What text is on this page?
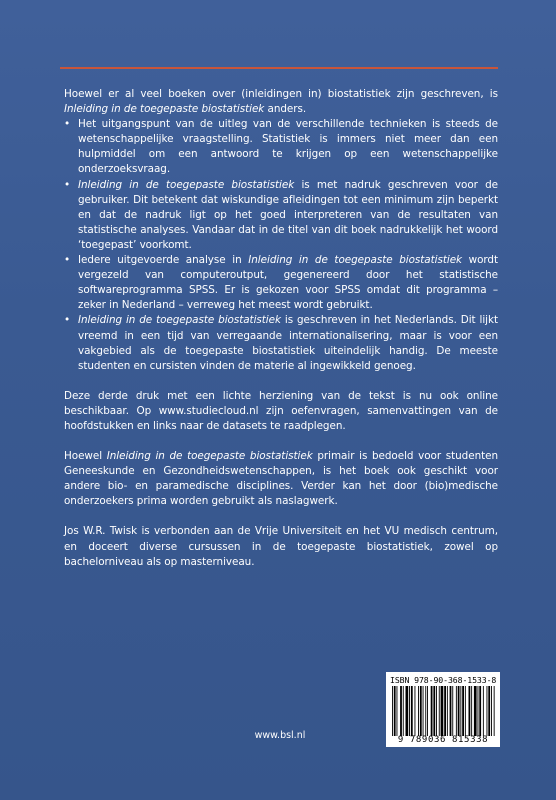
Hoewel er al veel boeken over (inleidingen in) biostatistiek zijn geschreven, is Inleiding in de toegepaste biostatistiek anders.

• Het uitgangspunt van de uitleg van de verschillende technieken is steeds de wetenschappelijke vraagstelling. Statistiek is immers niet meer dan een hulpmiddel om een antwoord te krijgen op een wetenschappelijke onderzoeksvraag.
• Inleiding in de toegepaste biostatistiek is met nadruk geschreven voor de gebruiker. Dit betekent dat wiskundige afleidingen tot een minimum zijn beperkt en dat de nadruk ligt op het goed interpreteren van de resultaten van statistische analyses. Vandaar dat in de titel van dit boek nadrukkelijk het woord ‘toegepast’ voorkomt.
• Iedere uitgevoerde analyse in Inleiding in de toegepaste biostatistiek wordt vergezeld van computeroutput, gegenereerd door het statistische softwareprogramma SPSS. Er is gekozen voor SPSS omdat dit programma – zeker in Nederland – verreweg het meest wordt gebruikt.
• Inleiding in de toegepaste biostatistiek is geschreven in het Nederlands. Dit lijkt vreemd in een tijd van verregaande internationalisering, maar is voor een vakgebied als de toegepaste biostatistiek uiteindelijk handig. De meeste studenten en cursisten vinden de materie al ingewikkeld genoeg.

Deze derde druk met een lichte herziening van de tekst is nu ook online beschikbaar. Op www.studiecloud.nl zijn oefenvragen, samenvattingen van de hoofdstukken en links naar de datasets te raadplegen.

Hoewel Inleiding in de toegepaste biostatistiek primair is bedoeld voor studenten Geneeskunde en Gezondheidswetenschappen, is het boek ook geschikt voor andere bio- en paramedische disciplines. Verder kan het door (bio)medische onderzoekers prima worden gebruikt als naslagwerk.

Jos W.R. Twisk is verbonden aan de Vrije Universiteit en het VU medisch centrum, en doceert diverse cursussen in de toegepaste biostatistiek, zowel op bachelorniveau als op masterniveau.

ISBN 978-90-368-1533-8
9 789036 815338
www.bsl.nl
